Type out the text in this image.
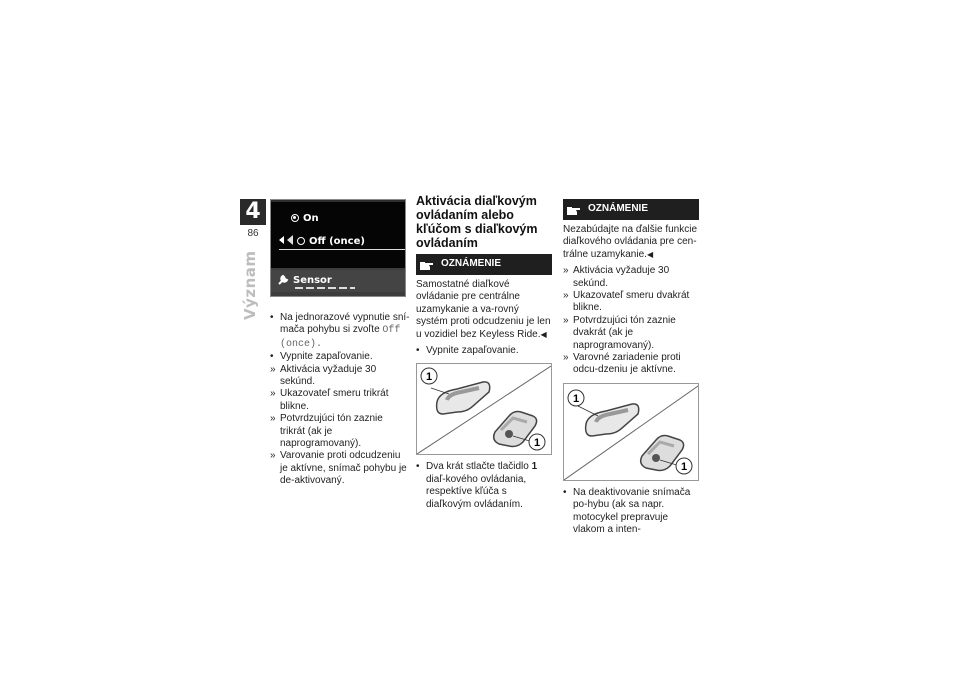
4
86
Význam
On
Off (once)
Sensor
• Na jednorazové vypnutie sní-mača pohybu si zvoľte Off (once).
• Vypnite zapaľovanie.
» Aktivácia vyžaduje 30 sekúnd.
» Ukazovateľ smeru trikrát blikne.
» Potvrdzujúci tón zaznie trikrát (ak je naprogramovaný).
» Varovanie proti odcudzeniu je aktívne, snímač pohybu je de-aktivovaný.
Aktivácia diaľkovým ovládaním alebo kľúčom s diaľkovým ovládaním
OZNÁMENIE

Samostatné diaľkové ovládanie pre centrálne uzamykanie a va-rovný systém proti odcudzeniu je len u vozidiel bez Keyless Ride.◀

• Vypnite zapaľovanie.
1
1
• Dva krát stlačte tlačidlo 1 diaľ-kového ovládania, respektíve kľúča s diaľkovým ovládaním.
OZNÁMENIE

Nezabúdajte na ďalšie funkcie diaľkového ovládania pre cen-trálne uzamykanie.◀

» Aktivácia vyžaduje 30 sekúnd.
» Ukazovateľ smeru dvakrát blikne.
» Potvrdzujúci tón zaznie dvakrát (ak je naprogramovaný).
» Varovné zariadenie proti odcu-dzeniu je aktívne.
1
1
• Na deaktivovanie snímača po-hybu (ak sa napr. motocykel prepravuje vlakom a inten-
